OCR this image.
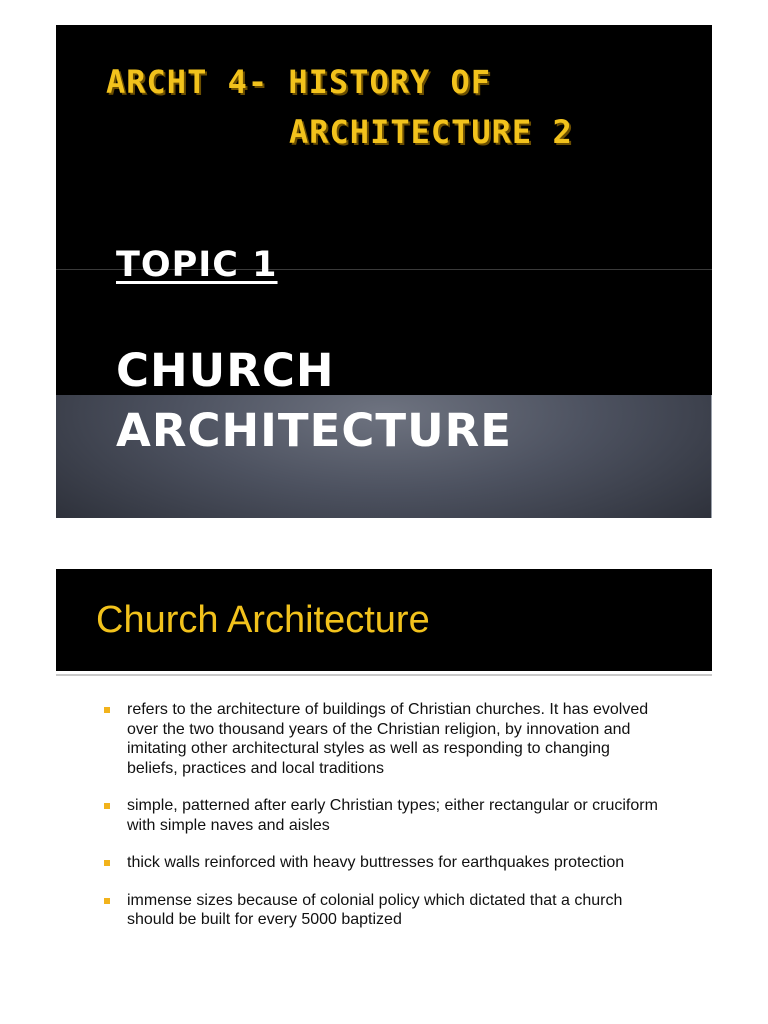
ARCHT 4- HISTORY OF
ARCHITECTURE 2
TOPIC 1
CHURCH
ARCHITECTURE
Church Architecture
refers to the architecture of buildings of Christian churches. It has evolved over the two thousand years of the Christian religion, by innovation and imitating other architectural styles as well as responding to changing beliefs, practices and local traditions
simple, patterned after early Christian types; either rectangular or cruciform with simple naves and aisles
thick walls reinforced with heavy buttresses for earthquakes protection
immense sizes because of colonial policy which dictated that a church should be built for every 5000 baptized
